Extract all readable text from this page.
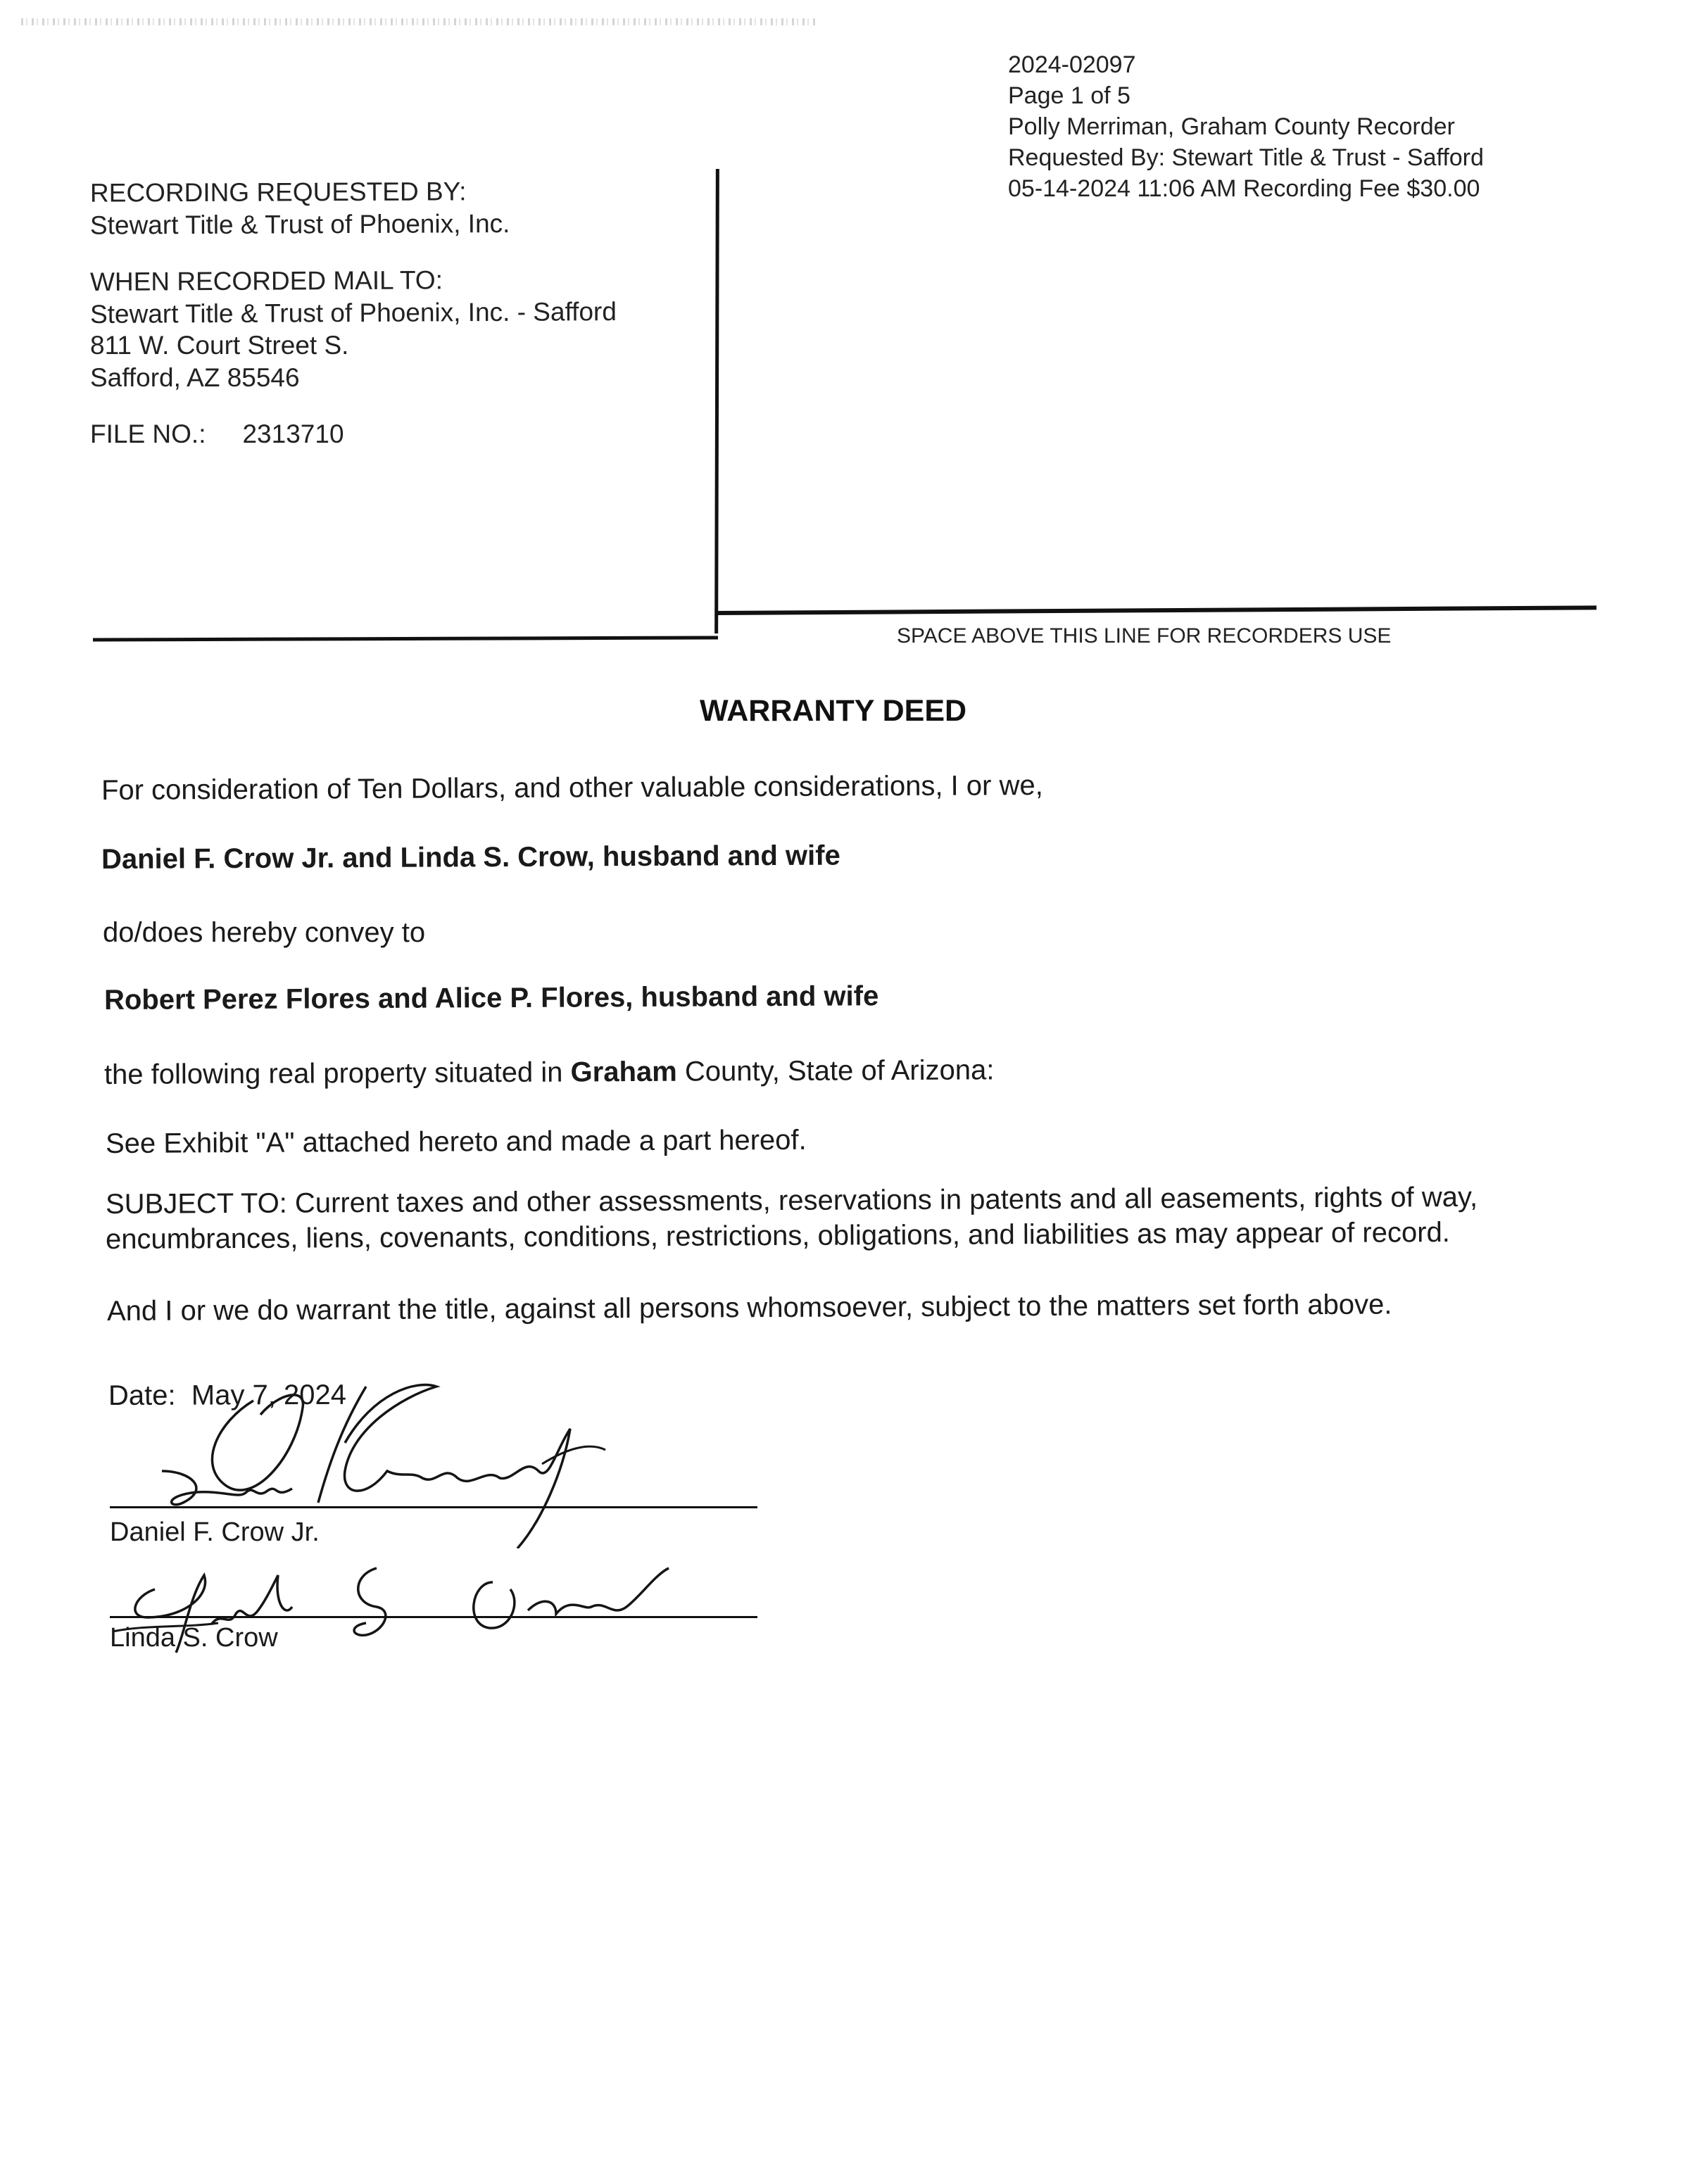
2024-02097
Page 1 of 5
Polly Merriman, Graham County Recorder
Requested By: Stewart Title & Trust - Safford
05-14-2024 11:06 AM Recording Fee $30.00
RECORDING REQUESTED BY:
Stewart Title & Trust of Phoenix, Inc.
WHEN RECORDED MAIL TO:
Stewart Title & Trust of Phoenix, Inc. - Safford
811 W. Court Street S.
Safford, AZ 85546
FILE NO.: 2313710
SPACE ABOVE THIS LINE FOR RECORDERS USE
WARRANTY DEED
For consideration of Ten Dollars, and other valuable considerations, I or we,
Daniel F. Crow Jr. and Linda S. Crow, husband and wife
do/does hereby convey to
Robert Perez Flores and Alice P. Flores, husband and wife
the following real property situated in Graham County, State of Arizona:
See Exhibit "A" attached hereto and made a part hereof.
SUBJECT TO: Current taxes and other assessments, reservations in patents and all easements, rights of way,
encumbrances, liens, covenants, conditions, restrictions, obligations, and liabilities as may appear of record.
And I or we do warrant the title, against all persons whomsoever, subject to the matters set forth above.
Date: May 7, 2024
Daniel F. Crow Jr.
Linda S. Crow
